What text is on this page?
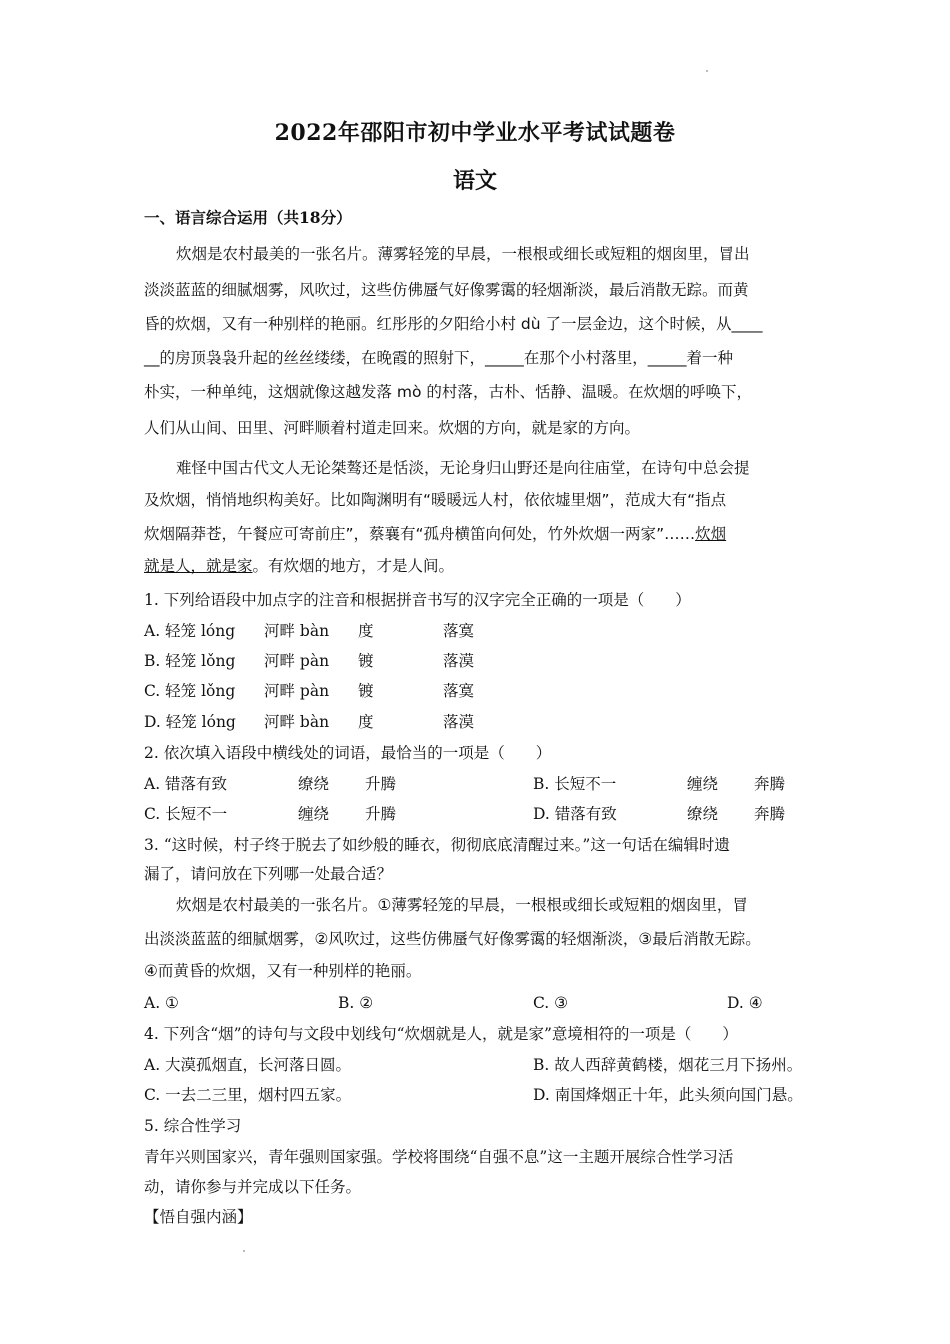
2022年邵阳市初中学业水平考试试题卷
语文
一、语言综合运用（共18分）
炊烟是农村最美的一张名片。薄雾轻笼的早晨，一根根或细长或短粗的烟囱里，冒出
淡淡蓝蓝的细腻烟雾，风吹过，这些仿佛蜃气好像雾霭的轻烟渐淡，最后消散无踪。而黄
昏的炊烟，又有一种别样的艳丽。红彤彤的夕阳给小村 dù 了一层金边，这个时候，从____
__的房顶袅袅升起的丝丝缕缕，在晚霞的照射下，_____在那个小村落里，_____着一种
朴实，一种单纯，这烟就像这越发落 mò 的村落，古朴、恬静、温暖。在炊烟的呼唤下，
人们从山间、田里、河畔顺着村道走回来。炊烟的方向，就是家的方向。
难怪中国古代文人无论桀骜还是恬淡，无论身归山野还是向往庙堂，在诗句中总会提
及炊烟，悄悄地织构美好。比如陶渊明有“暖暖远人村，依依墟里烟”，范成大有“指点
炊烟隔莽苍，午餐应可寄前庄”，蔡襄有“孤舟横笛向何处，竹外炊烟一两家”……炊烟
就是人，就是家。有炊烟的地方，才是人间。
1. 下列给语段中加点字的注音和根据拼音书写的汉字完全正确的一项是（　　）
A. 轻笼 lóng 河畔 bàn 度	落寞
B. 轻笼 lǒng 河畔 pàn 镀	落漠
C. 轻笼 lǒng 河畔 pàn 镀	落寞
D. 轻笼 lóng 河畔 bàn 度	落漠
2. 依次填入语段中横线处的词语，最恰当的一项是（　　）
A. 错落有致	缭绕 升腾	B. 长短不一	缠绕 奔腾
C. 长短不一	缠绕 升腾	D. 错落有致	缭绕 奔腾
3. “这时候，村子终于脱去了如纱般的睡衣，彻彻底底清醒过来。”这一句话在编辑时遗
漏了，请问放在下列哪一处最合适？
炊烟是农村最美的一张名片。①薄雾轻笼的早晨，一根根或细长或短粗的烟囱里，冒
出淡淡蓝蓝的细腻烟雾，②风吹过，这些仿佛蜃气好像雾霭的轻烟渐淡，③最后消散无踪。
④而黄昏的炊烟，又有一种别样的艳丽。
A. ①	B. ②	C. ③	D. ④
4. 下列含“烟”的诗句与文段中划线句“炊烟就是人，就是家”意境相符的一项是（　　）
A. 大漠孤烟直，长河落日圆。	B. 故人西辞黄鹤楼，烟花三月下扬州。
C. 一去二三里，烟村四五家。	D. 南国烽烟正十年，此头须向国门悬。
5. 综合性学习
青年兴则国家兴，青年强则国家强。学校将围绕“自强不息”这一主题开展综合性学习活
动，请你参与并完成以下任务。
【悟自强内涵】
